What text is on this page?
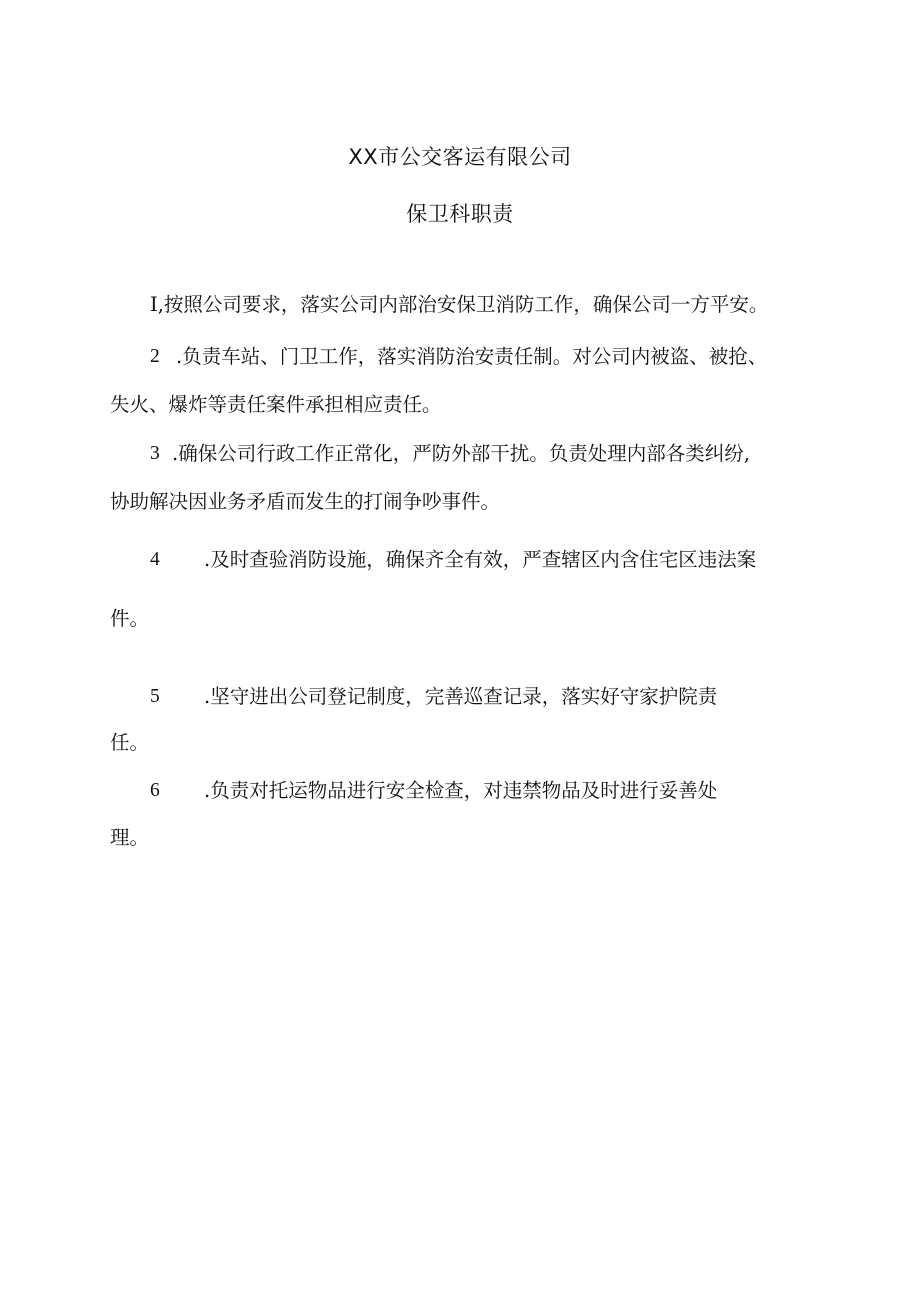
XX市公交客运有限公司
保卫科职责
I,按照公司要求，落实公司内部治安保卫消防工作，确保公司一方平安。
2 .负责车站、门卫工作，落实消防治安责任制。对公司内被盗、被抢、
失火、爆炸等责任案件承担相应责任。
3 .确保公司行政工作正常化，严防外部干扰。负责处理内部各类纠纷,
协助解决因业务矛盾而发生的打闹争吵事件。
4 .及时查验消防设施，确保齐全有效，严查辖区内含住宅区违法案
件。
5 .坚守进出公司登记制度，完善巡查记录，落实好守家护院责
任。
6 .负责对托运物品进行安全检查，对违禁物品及时进行妥善处
理。
